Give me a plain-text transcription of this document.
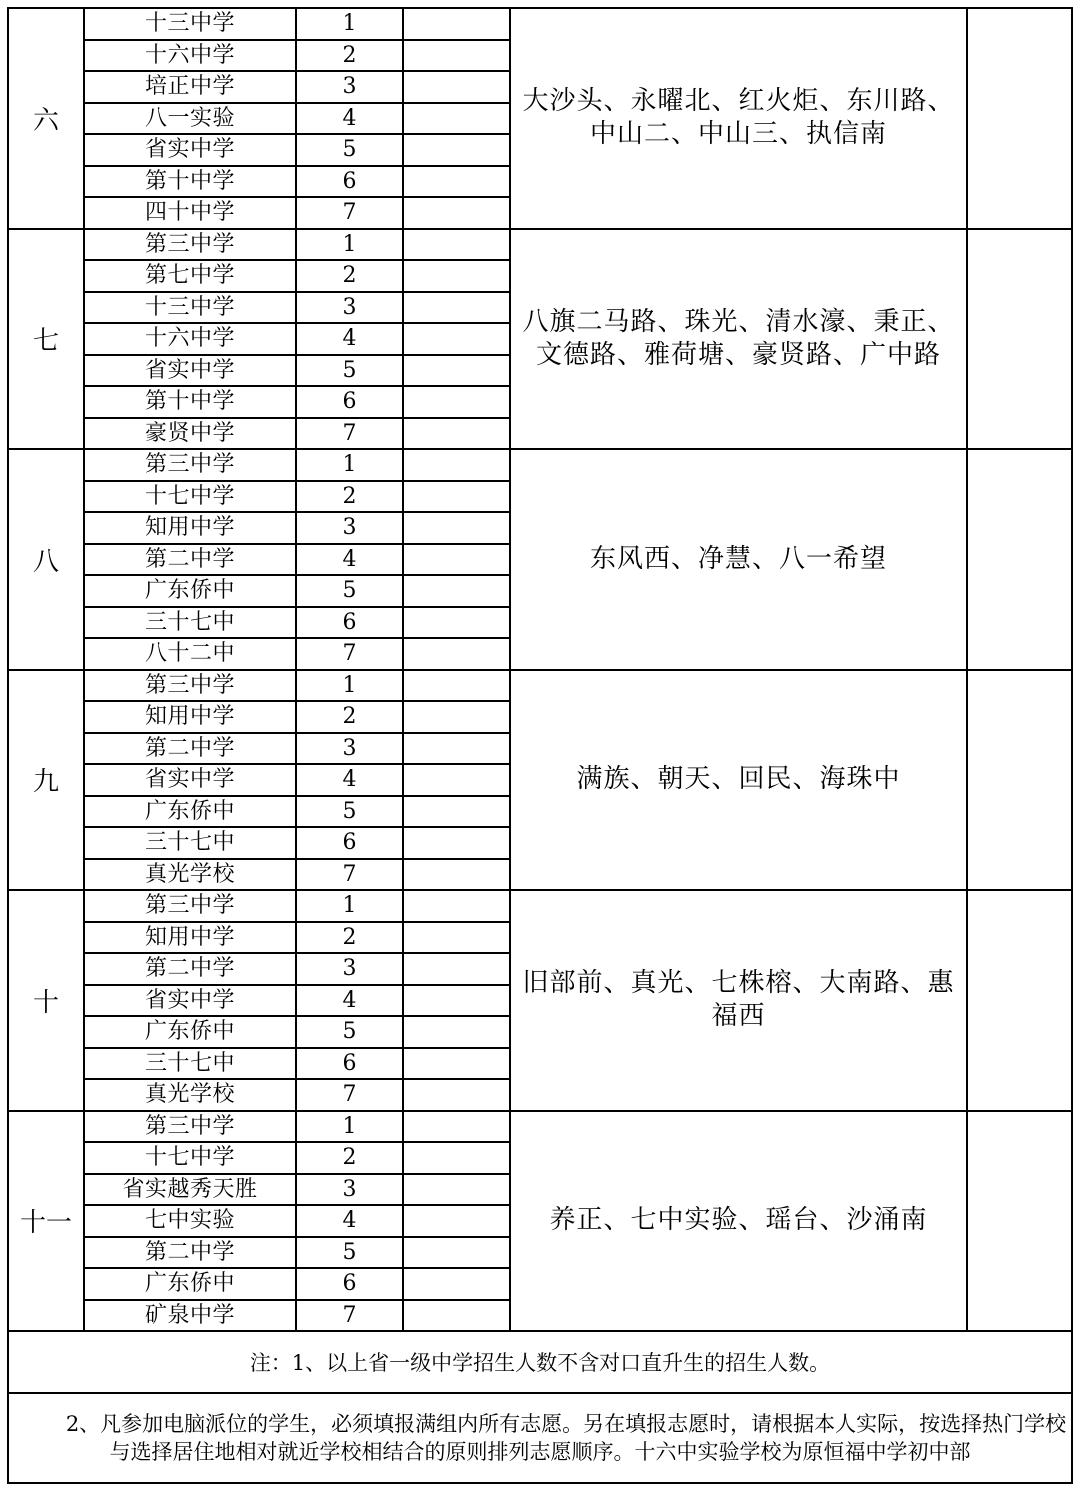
六	十三中学	1		大沙头、永曜北、红火炬、东川路、中山二、中山三、执信南	
	十六中学	2			
	培正中学	3			
	八一实验	4			
	省实中学	5			
	第十中学	6			
	四十中学	7			
七	第三中学	1		八旗二马路、珠光、清水濠、秉正、文德路、雅荷塘、豪贤路、广中路	
	第七中学	2			
	十三中学	3			
	十六中学	4			
	省实中学	5			
	第十中学	6			
	豪贤中学	7			
八	第三中学	1		东风西、净慧、八一希望	
	十七中学	2			
	知用中学	3			
	第二中学	4			
	广东侨中	5			
	三十七中	6			
	八十二中	7			
九	第三中学	1		满族、朝天、回民、海珠中	
	知用中学	2			
	第二中学	3			
	省实中学	4			
	广东侨中	5			
	三十七中	6			
	真光学校	7			
十	第三中学	1		旧部前、真光、七株榕、大南路、惠福西	
	知用中学	2			
	第二中学	3			
	省实中学	4			
	广东侨中	5			
	三十七中	6			
	真光学校	7			
十一	第三中学	1		养正、七中实验、瑶台、沙涌南	
	十七中学	2			
	省实越秀天胜	3			
	七中实验	4			
	第二中学	5			
	广东侨中	6			
	矿泉中学	7			
注：1、以上省一级中学招生人数不含对口直升生的招生人数。					
2、凡参加电脑派位的学生，必须填报满组内所有志愿。另在填报志愿时，请根据本人实际，按选择热门学校与选择居住地相对就近学校相结合的原则排列志愿顺序。十六中实验学校为原恒福中学初中部					
